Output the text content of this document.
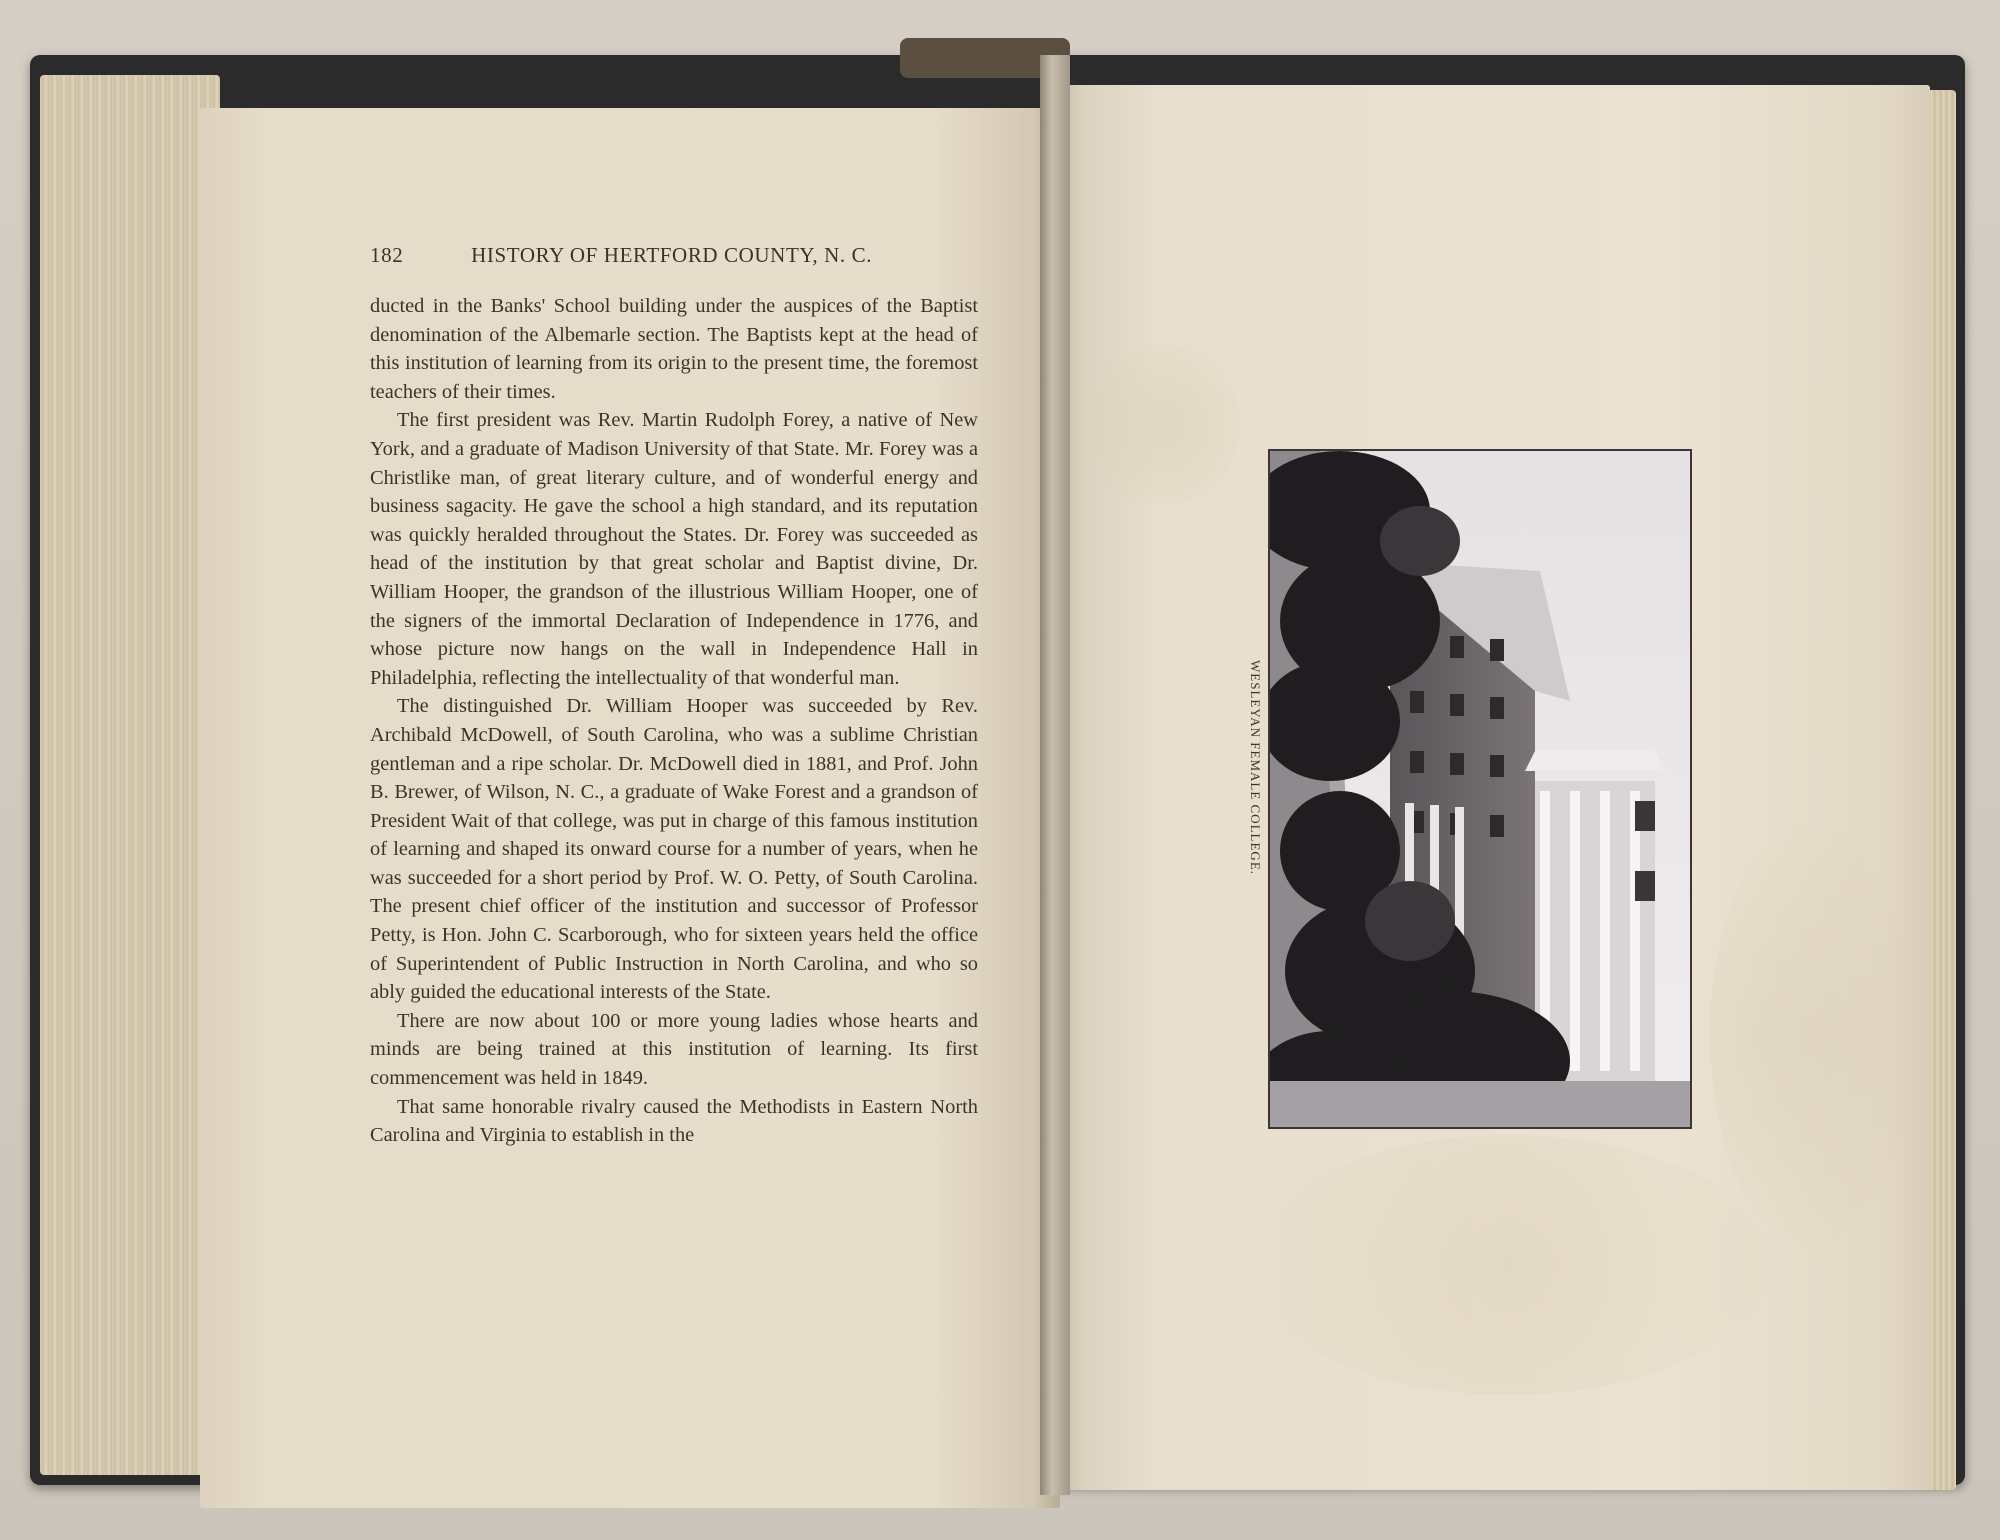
182	HISTORY OF HERTFORD COUNTY, N. C.

ducted in the Banks' School building under the auspices of the Baptist denomination of the Albemarle section. The Baptists kept at the head of this institution of learning from its origin to the present time, the foremost teachers of their times.

The first president was Rev. Martin Rudolph Forey, a native of New York, and a graduate of Madison University of that State. Mr. Forey was a Christlike man, of great literary culture, and of wonderful energy and business sagacity. He gave the school a high standard, and its reputation was quickly heralded throughout the States. Dr. Forey was succeeded as head of the institution by that great scholar and Baptist divine, Dr. William Hooper, the grandson of the illustrious William Hooper, one of the signers of the immortal Declaration of Independence in 1776, and whose picture now hangs on the wall in Independence Hall in Philadelphia, reflecting the intellectuality of that wonderful man.

The distinguished Dr. William Hooper was succeeded by Rev. Archibald McDowell, of South Carolina, who was a sublime Christian gentleman and a ripe scholar. Dr. McDowell died in 1881, and Prof. John B. Brewer, of Wilson, N. C., a graduate of Wake Forest and a grandson of President Wait of that college, was put in charge of this famous institution of learning and shaped its onward course for a number of years, when he was succeeded for a short period by Prof. W. O. Petty, of South Carolina. The present chief officer of the institution and successor of Professor Petty, is Hon. John C. Scarborough, who for sixteen years held the office of Superintendent of Public Instruction in North Carolina, and who so ably guided the educational interests of the State.

There are now about 100 or more young ladies whose hearts and minds are being trained at this institution of learning. Its first commencement was held in 1849.

That same honorable rivalry caused the Methodists in Eastern North Carolina and Virginia to establish in the

WESLEYAN FEMALE COLLEGE.
